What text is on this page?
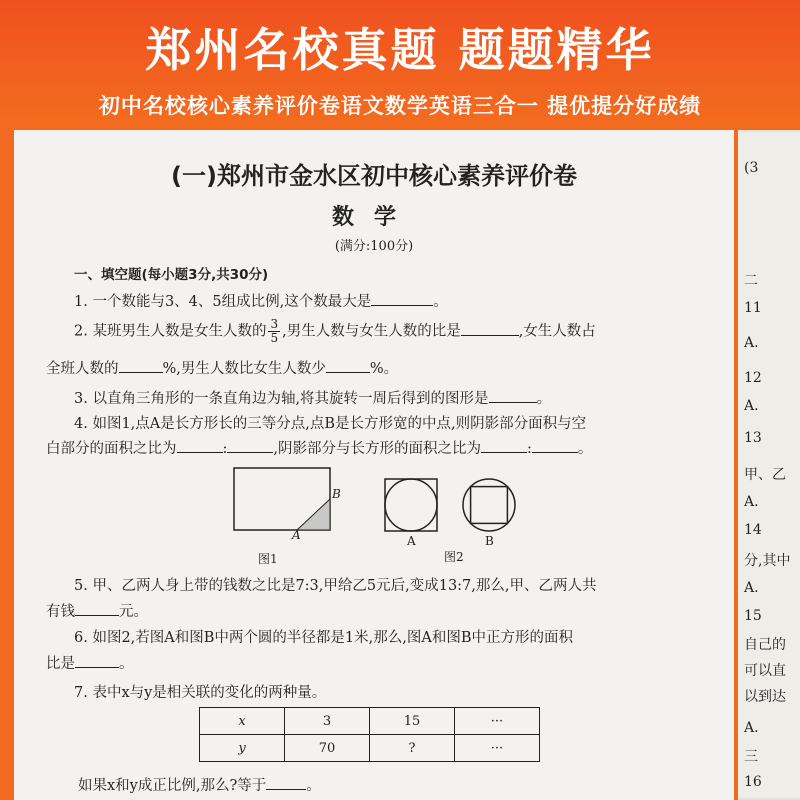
郑州名校真题 题题精华
初中名校核心素养评价卷语文数学英语三合一 提优提分好成绩
(一)郑州市金水区初中核心素养评价卷
数学
(满分:100分)
一、填空题(每小题3分,共30分)
1. 一个数能与3、4、5组成比例,这个数最大是	。
2. 某班男生人数是女生人数的 $\frac{3}{5}$ ,男生人数与女生人数的比是	,女生人数占
全班人数的	%,男生人数比女生人数少	%。
3. 以直角三角形的一条直角边为轴,将其旋转一周后得到的图形是	。
4. 如图1,点A是长方形长的三等分点,点B是长方形宽的中点,则阴影部分面积与空
白部分的面积之比为	:	,阴影部分与长方形的面积之比为	:	。
B
A
图1
A	B
图2
5. 甲、乙两人身上带的钱数之比是7:3,甲给乙5元后,变成13:7,那么,甲、乙两人共
有钱	元。
6. 如图2,若图A和图B中两个圆的半径都是1米,那么,图A和图B中正方形的面积
比是	。
7. 表中x与y是相关联的变化的两种量。
x	3	15	···
y	70	?	···
如果x和y成正比例,那么?等于	。
(3
二
11
A.
12
A.
13
甲、乙
A.
14
分,其中
A.
15
自己的
可以直
以到达
A.
三
16
